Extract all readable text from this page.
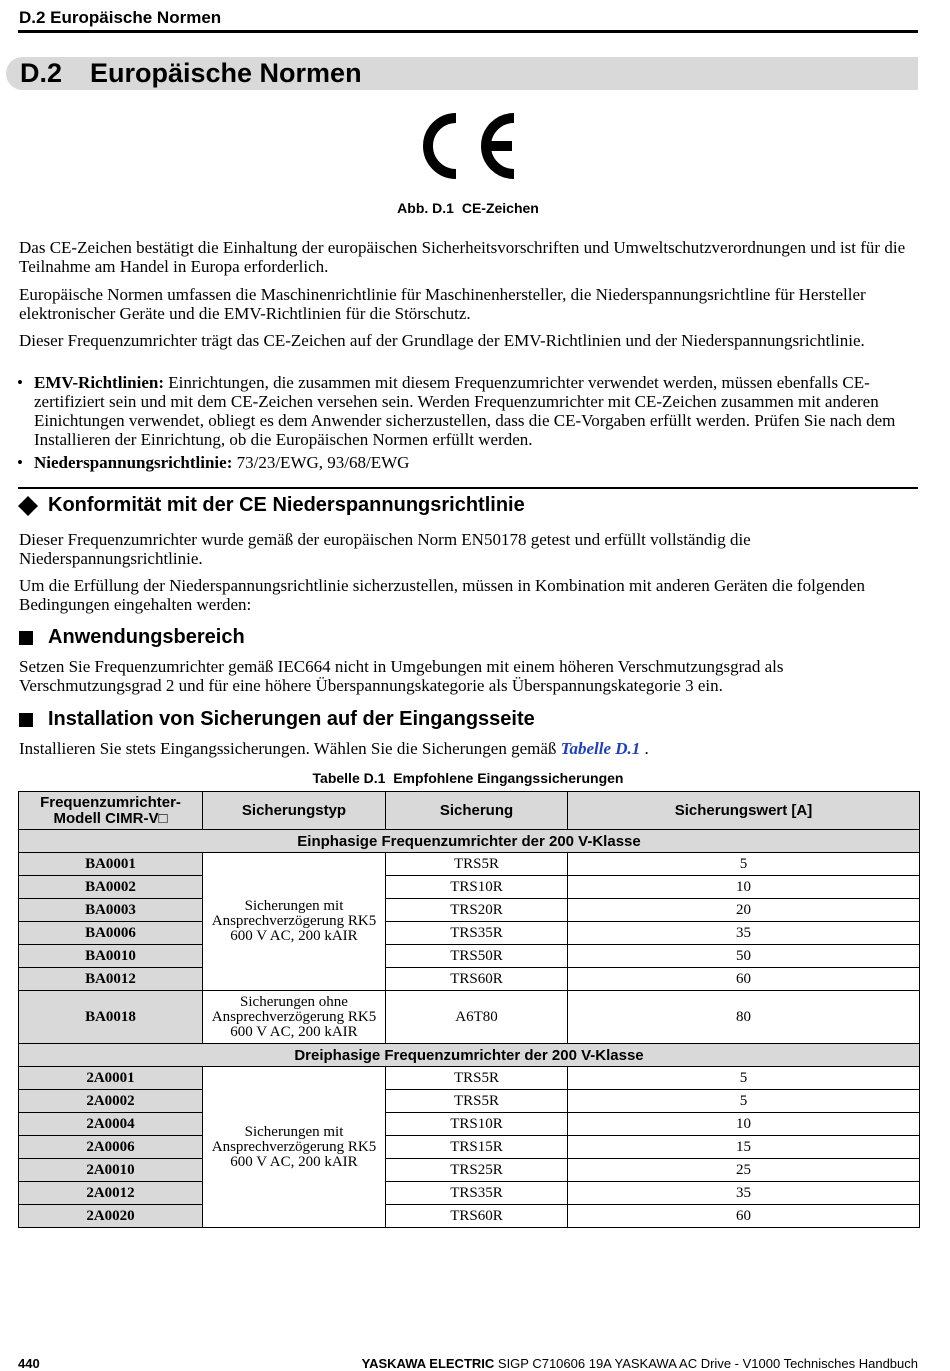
D.2 Europäische Normen
D.2 Europäische Normen
Abb. D.1 CE-Zeichen
Das CE-Zeichen bestätigt die Einhaltung der europäischen Sicherheitsvorschriften und Umweltschutzverordnungen und ist für die Teilnahme am Handel in Europa erforderlich.
Europäische Normen umfassen die Maschinenrichtlinie für Maschinenhersteller, die Niederspannungsrichtline für Hersteller elektronischer Geräte und die EMV-Richtlinien für die Störschutz.
Dieser Frequenzumrichter trägt das CE-Zeichen auf der Grundlage der EMV-Richtlinien und der Niederspannungsrichtlinie.
• EMV-Richtlinien: Einrichtungen, die zusammen mit diesem Frequenzumrichter verwendet werden, müssen ebenfalls CE-zertifiziert sein und mit dem CE-Zeichen versehen sein. Werden Frequenzumrichter mit CE-Zeichen zusammen mit anderen Einichtungen verwendet, obliegt es dem Anwender sicherzustellen, dass die CE-Vorgaben erfüllt werden. Prüfen Sie nach dem Installieren der Einrichtung, ob die Europäischen Normen erfüllt werden.
• Niederspannungsrichtlinie: 73/23/EWG, 93/68/EWG
Konformität mit der CE Niederspannungsrichtlinie
Dieser Frequenzumrichter wurde gemäß der europäischen Norm EN50178 getest und erfüllt vollständig die Niederspannungsrichtlinie.
Um die Erfüllung der Niederspannungsrichtlinie sicherzustellen, müssen in Kombination mit anderen Geräten die folgenden Bedingungen eingehalten werden:
Anwendungsbereich
Setzen Sie Frequenzumrichter gemäß IEC664 nicht in Umgebungen mit einem höheren Verschmutzungsgrad als Verschmutzungsgrad 2 und für eine höhere Überspannungskategorie als Überspannungskategorie 3 ein.
Installation von Sicherungen auf der Eingangsseite
Installieren Sie stets Eingangssicherungen. Wählen Sie die Sicherungen gemäß Tabelle D.1 .
Tabelle D.1 Empfohlene Eingangssicherungen
Frequenzumrichter-Modell CIMR-V□	Sicherungstyp	Sicherung	Sicherungswert [A]
Einphasige Frequenzumrichter der 200 V-Klasse			
BA0001	Sicherungen mit
Ansprechverzögerung RK5
600 V AC, 200 kAIR	TRS5R	5
BA0002		TRS10R	10
BA0003		TRS20R	20
BA0006		TRS35R	35
BA0010		TRS50R	50
BA0012		TRS60R	60
BA0018	Sicherungen ohne
Ansprechverzögerung RK5
600 V AC, 200 kAIR	A6T80	80
Dreiphasige Frequenzumrichter der 200 V-Klasse			
2A0001	Sicherungen mit
Ansprechverzögerung RK5
600 V AC, 200 kAIR	TRS5R	5
2A0002		TRS5R	5
2A0004		TRS10R	10
2A0006		TRS15R	15
2A0010		TRS25R	25
2A0012		TRS35R	35
2A0020		TRS60R	60
440	YASKAWA ELECTRIC SIGP C710606 19A YASKAWA AC Drive - V1000 Technisches Handbuch
